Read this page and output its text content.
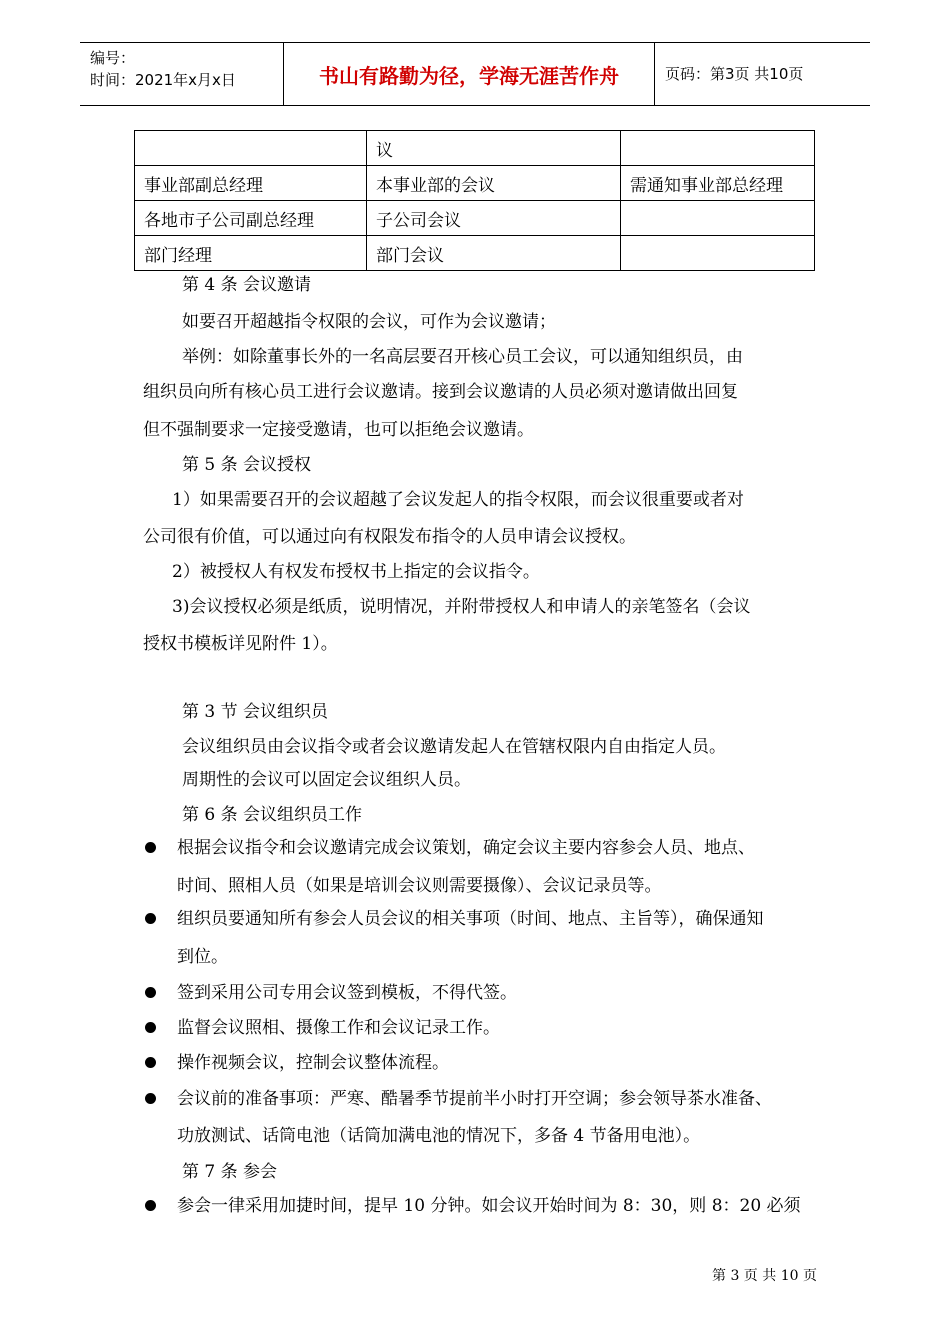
编号：
时间：2021年x月x日	书山有路勤为径，学海无涯苦作舟	页码：第3页 共10页
	议	
事业部副总经理	本事业部的会议	需通知事业部总经理
各地市子公司副总经理	子公司会议	
部门经理	部门会议	
第 4 条 会议邀请
如要召开超越指令权限的会议，可作为会议邀请；
举例：如除董事长外的一名高层要召开核心员工会议，可以通知组织员，由
组织员向所有核心员工进行会议邀请。接到会议邀请的人员必须对邀请做出回复
但不强制要求一定接受邀请，也可以拒绝会议邀请。
第 5 条 会议授权
1）如果需要召开的会议超越了会议发起人的指令权限，而会议很重要或者对
公司很有价值，可以通过向有权限发布指令的人员申请会议授权。
2）被授权人有权发布授权书上指定的会议指令。
3)会议授权必须是纸质，说明情况，并附带授权人和申请人的亲笔签名（会议
授权书模板详见附件 1）。
第 3 节 会议组织员
会议组织员由会议指令或者会议邀请发起人在管辖权限内自由指定人员。
周期性的会议可以固定会议组织人员。
第 6 条 会议组织员工作
根据会议指令和会议邀请完成会议策划，确定会议主要内容参会人员、地点、
时间、照相人员（如果是培训会议则需要摄像）、会议记录员等。
组织员要通知所有参会人员会议的相关事项（时间、地点、主旨等），确保通知
到位。
签到采用公司专用会议签到模板，不得代签。
监督会议照相、摄像工作和会议记录工作。
操作视频会议，控制会议整体流程。
会议前的准备事项：严寒、酷暑季节提前半小时打开空调；参会领导茶水准备、
功放测试、话筒电池（话筒加满电池的情况下，多备 4 节备用电池）。
第 7 条 参会
参会一律采用加捷时间，提早 10 分钟。如会议开始时间为 8：30，则 8：20 必须
第 3 页 共 10 页
